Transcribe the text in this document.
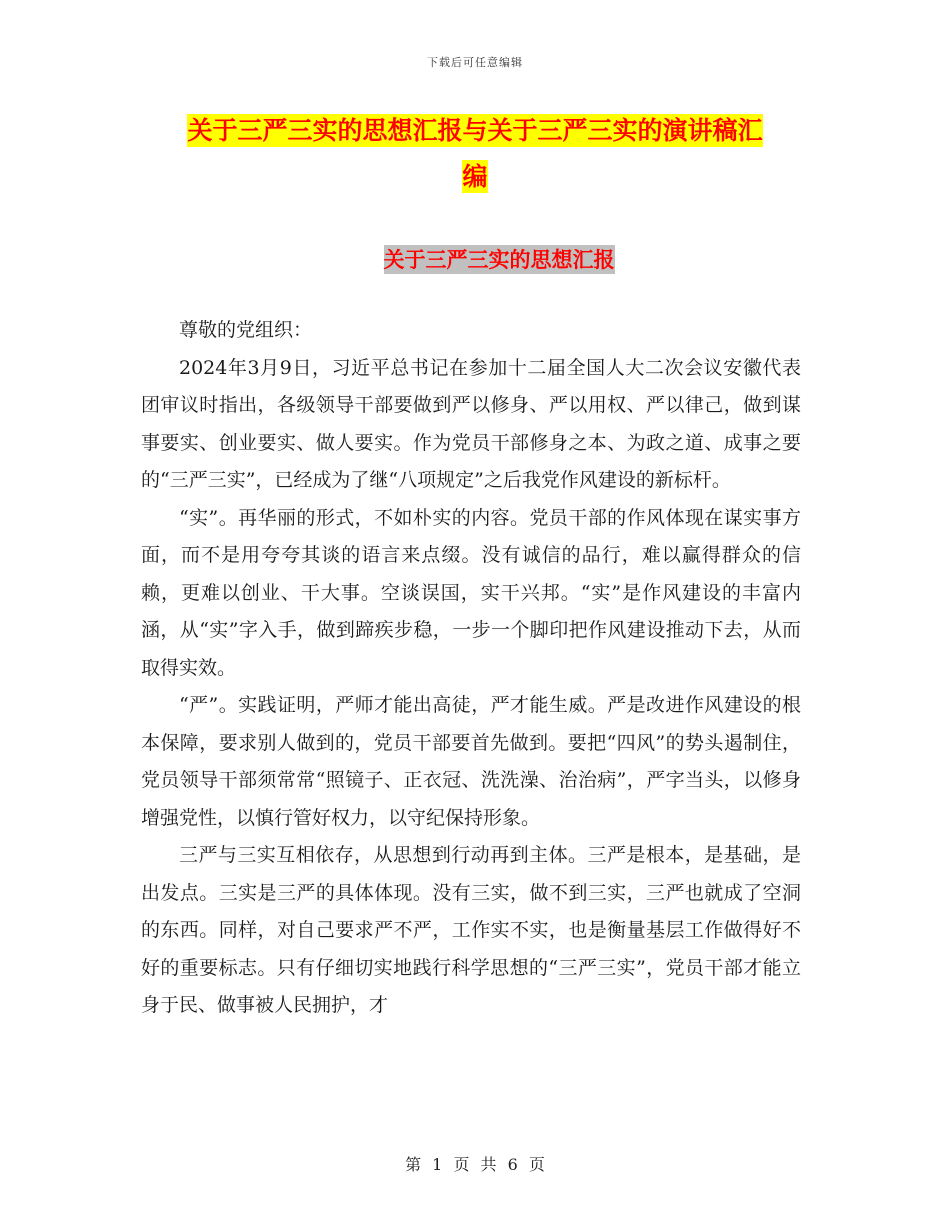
下载后可任意编辑
关于三严三实的思想汇报与关于三严三实的演讲稿汇
编
关于三严三实的思想汇报

尊敬的党组织：

2024年3月9日，习近平总书记在参加十二届全国人大二次会议安徽代表团审议时指出，各级领导干部要做到严以修身、严以用权、严以律己，做到谋事要实、创业要实、做人要实。作为党员干部修身之本、为政之道、成事之要的“三严三实”，已经成为了继“八项规定”之后我党作风建设的新标杆。

“实”。再华丽的形式，不如朴实的内容。党员干部的作风体现在谋实事方面，而不是用夸夸其谈的语言来点缀。没有诚信的品行，难以赢得群众的信赖，更难以创业、干大事。空谈误国，实干兴邦。“实”是作风建设的丰富内涵，从“实”字入手，做到蹄疾步稳，一步一个脚印把作风建设推动下去，从而取得实效。

“严”。实践证明，严师才能出高徒，严才能生威。严是改进作风建设的根本保障，要求别人做到的，党员干部要首先做到。要把“四风”的势头遏制住，党员领导干部须常常“照镜子、正衣冠、洗洗澡、治治病”，严字当头，以修身增强党性，以慎行管好权力，以守纪保持形象。

三严与三实互相依存，从思想到行动再到主体。三严是根本，是基础，是出发点。三实是三严的具体体现。没有三实，做不到三实，三严也就成了空洞的东西。同样，对自己要求严不严，工作实不实，也是衡量基层工作做得好不好的重要标志。只有仔细切实地践行科学思想的“三严三实”，党员干部才能立身于民、做事被人民拥护，才

第 1 页 共 6 页
